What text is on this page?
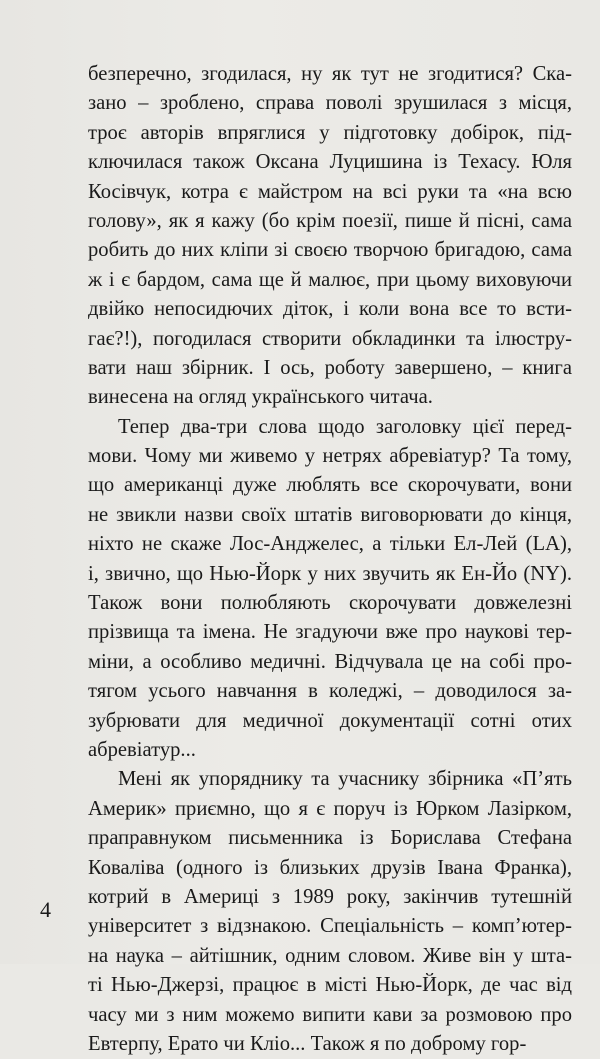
безперечно, згодилася, ну як тут не згодитися? Ска-
зано – зроблено, справа поволі зрушилася з місця,
троє авторів впряглися у підготовку добірок, під-
ключилася також Оксана Луцишина із Техасу. Юля
Косівчук, котра є майстром на всі руки та «на всю
голову», як я кажу (бо крім поезії, пише й пісні, сама
робить до них кліпи зі своєю творчою бригадою, сама
ж і є бардом, сама ще й малює, при цьому виховуючи
двійко непосидючих діток, і коли вона все то вcти-
гає?!), погодилася створити обкладинки та ілюстру-
вати наш збірник. І ось, роботу завершено, – книга
винесена на огляд українського читача.
Тепер два-три слова щодо заголовку цієї перед-
мови. Чому ми живемо у нетрях абревіатур? Та тому,
що американці дуже люблять все скорочувати, вони
не звикли назви своїх штатів виговорювати до кінця,
ніхто не скаже Лос-Анджелес, а тільки Ел-Лей (LA),
і, звично, що Нью-Йорк у них звучить як Ен-Йо (NY).
Також вони полюбляють скорочувати довжелезні
прізвища та імена. Не згадуючи вже про наукові тер-
міни, а особливо медичні. Відчувала це на собі про-
тягом усього навчання в коледжі, – доводилося за-
зубрювати для медичної документації сотні отих
абревіатур...
Мені як упоряднику та учаснику збірника «П’ять
Америк» приємно, що я є поруч із Юрком Лазірком,
праправнуком письменника із Борислава Стефана
Коваліва (одного із близьких друзів Івана Франка),
котрий в Америці з 1989 року, закінчив тутешній
університет з відзнакою. Спеціальність – комп’ютер-
на наука – айтішник, одним словом. Живе він у шта-
ті Нью-Джерзі, працює в місті Нью-Йорк, де час від
часу ми з ним можемо випити кави за розмовою про
Евтерпу, Ерато чи Кліо... Також я по доброму гор-
4
